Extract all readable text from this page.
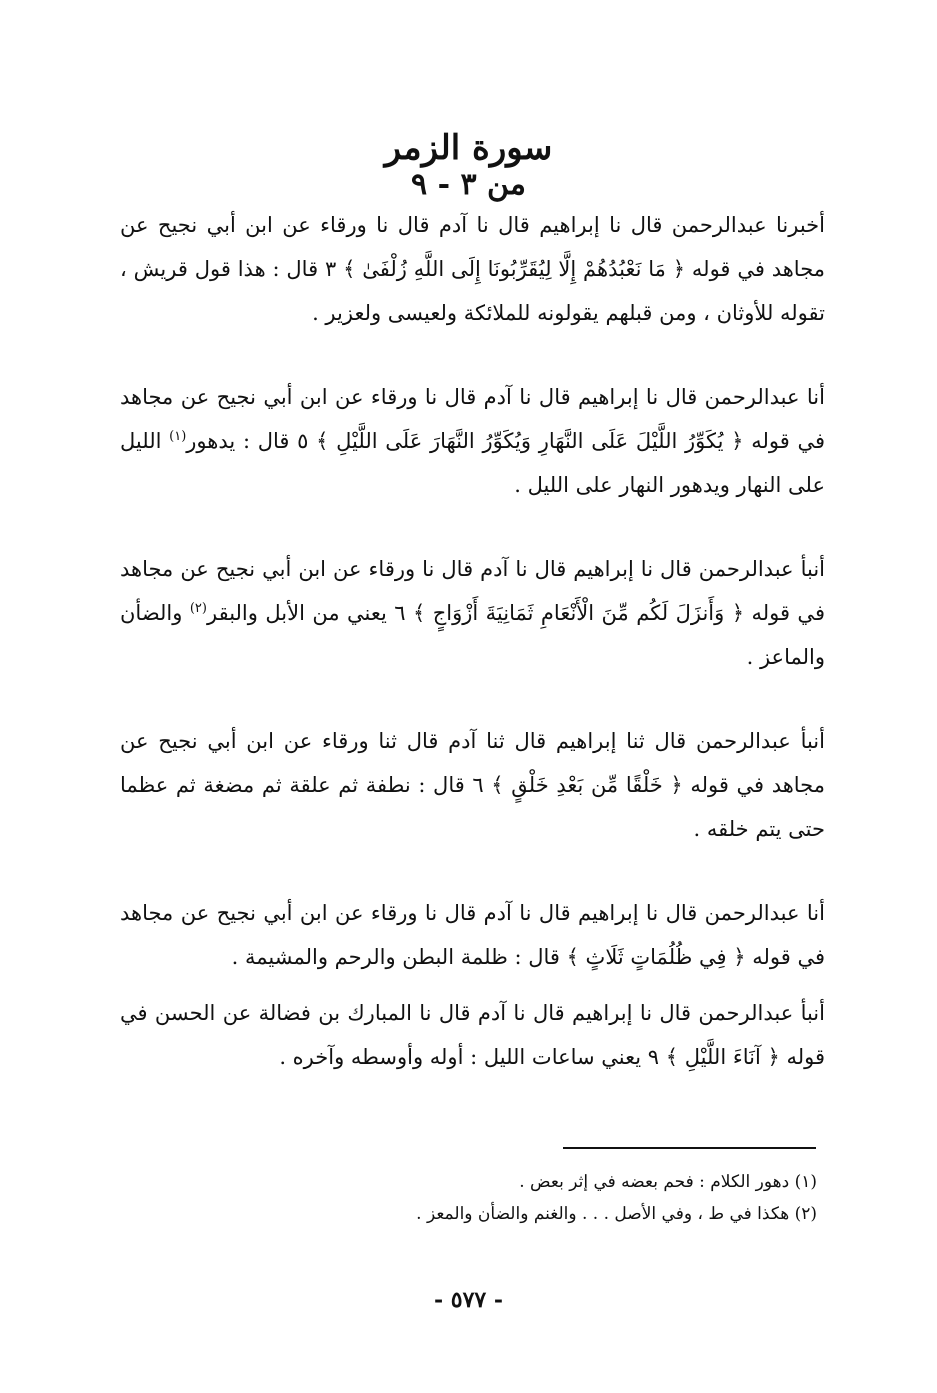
سورة الزمر
من ٣ - ٩

أخبرنا عبدالرحمن قال نا إبراهيم قال نا آدم قال نا ورقاء عن ابن أبي نجيح عن مجاهد في قوله ﴿ مَا نَعْبُدُهُمْ إِلَّا لِيُقَرِّبُونَا إِلَى اللَّهِ زُلْفَىٰ ﴾ ٣ قال : هذا قول قريش ، تقوله للأوثان ، ومن قبلهم يقولونه للملائكة ولعيسى ولعزير .

أنا عبدالرحمن قال نا إبراهيم قال نا آدم قال نا ورقاء عن ابن أبي نجيح عن مجاهد في قوله ﴿ يُكَوِّرُ اللَّيْلَ عَلَى النَّهَارِ وَيُكَوِّرُ النَّهَارَ عَلَى اللَّيْلِ ﴾ ٥ قال : يدهور$^{(١)}$ الليل على النهار ويدهور النهار على الليل .

أنبأ عبدالرحمن قال نا إبراهيم قال نا آدم قال نا ورقاء عن ابن أبي نجيح عن مجاهد في قوله ﴿ وَأَنزَلَ لَكُم مِّنَ الْأَنْعَامِ ثَمَانِيَةَ أَزْوَاجٍ ﴾ ٦ يعني من الأبل والبقر$^{(٢)}$ والضأن والماعز .

أنبأ عبدالرحمن قال ثنا إبراهيم قال ثنا آدم قال ثنا ورقاء عن ابن أبي نجيح عن مجاهد في قوله ﴿ خَلْقًا مِّن بَعْدِ خَلْقٍ ﴾ ٦ قال : نطفة ثم علقة ثم مضغة ثم عظما حتى يتم خلقه .

أنا عبدالرحمن قال نا إبراهيم قال نا آدم قال نا ورقاء عن ابن أبي نجيح عن مجاهد في قوله ﴿ فِي ظُلُمَاتٍ ثَلَاثٍ ﴾ قال : ظلمة البطن والرحم والمشيمة .

أنبأ عبدالرحمن قال نا إبراهيم قال نا آدم قال نا المبارك بن فضالة عن الحسن في قوله ﴿ آنَاءَ اللَّيْلِ ﴾ ٩ يعني ساعات الليل : أوله وأوسطه وآخره .

(١) دهور الكلام : فحم بعضه في إثر بعض .

(٢) هكذا في ط ، وفي الأصل . . . والغنم والضأن والمعز .

- ٥٧٧ -
